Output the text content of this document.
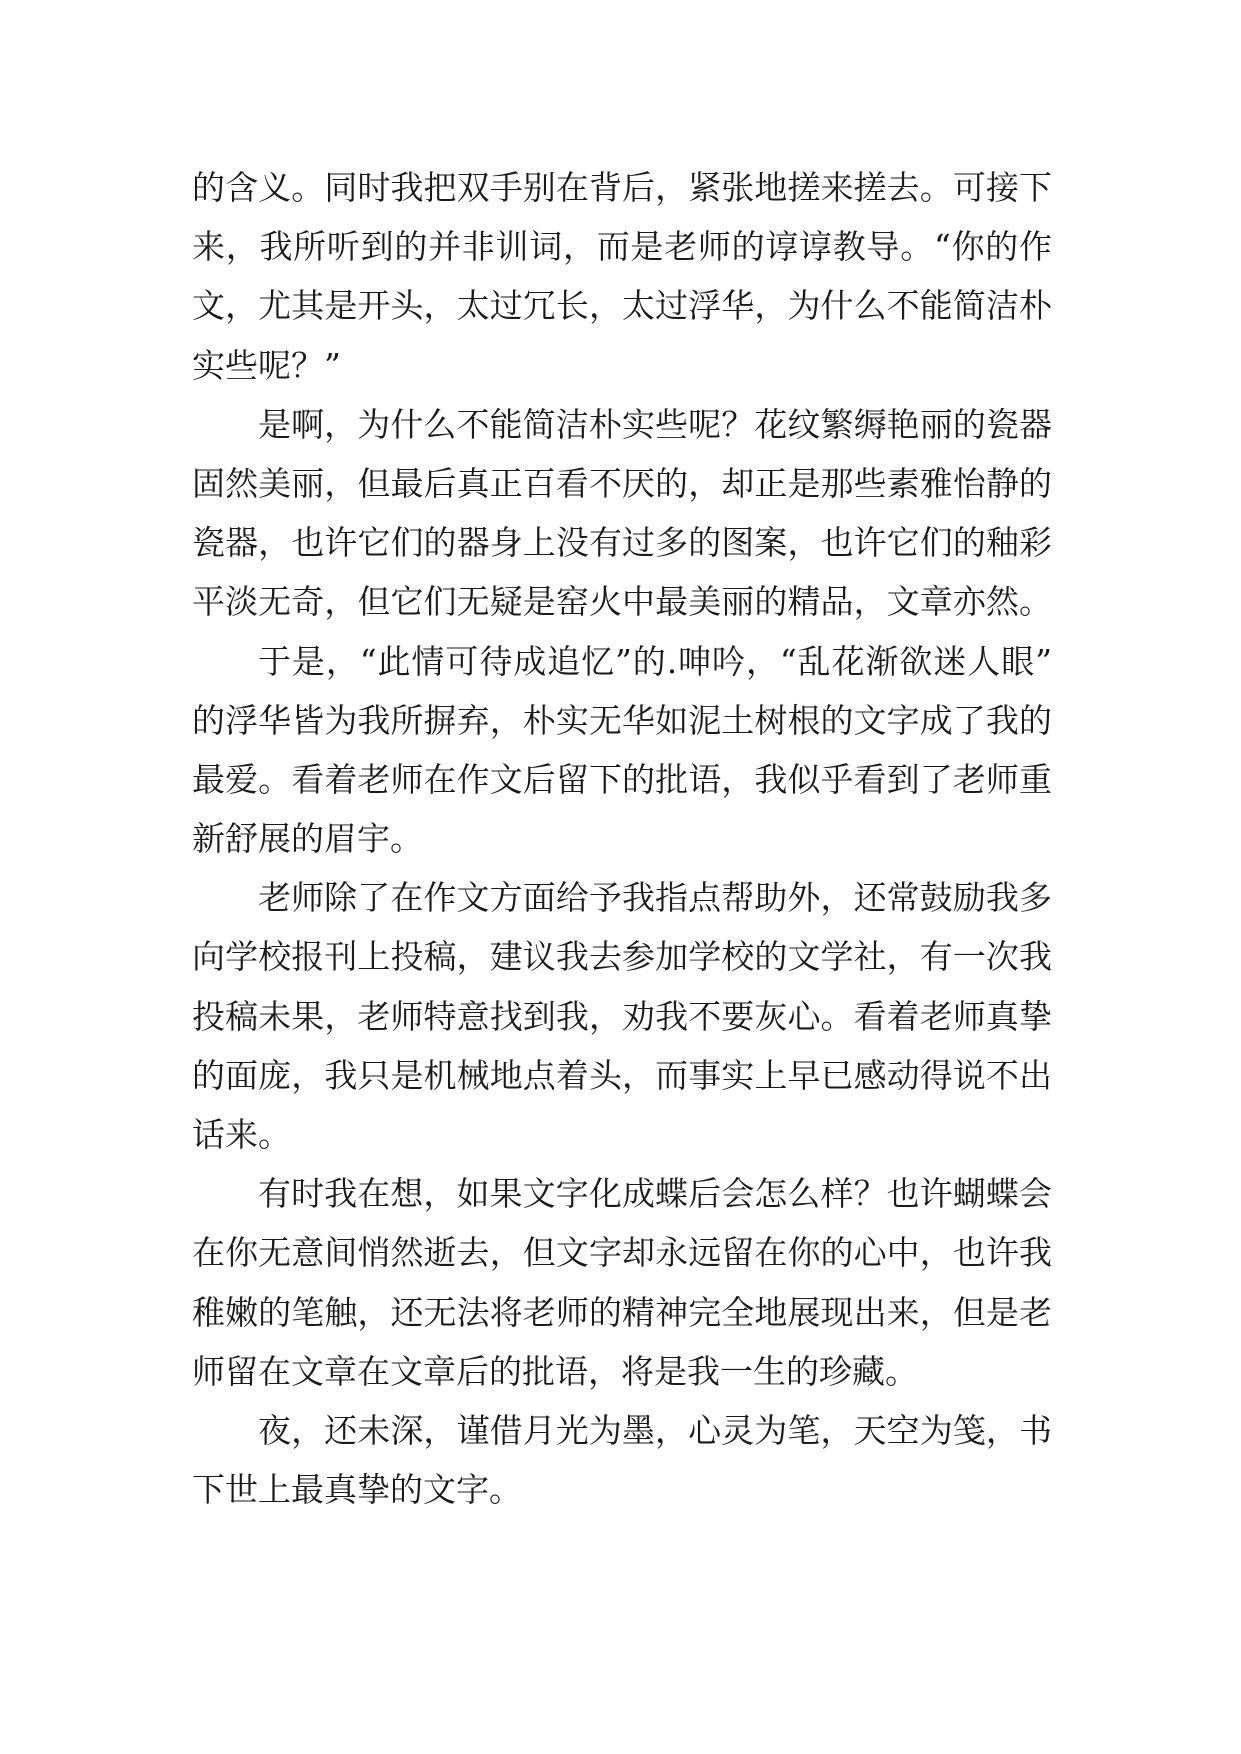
的含义。同时我把双手别在背后，紧张地搓来搓去。可接下
来，我所听到的并非训词，而是老师的谆谆教导。“你的作
文，尤其是开头，太过冗长，太过浮华，为什么不能简洁朴
实些呢？”

是啊，为什么不能简洁朴实些呢？花纹繁缛艳丽的瓷器
固然美丽，但最后真正百看不厌的，却正是那些素雅怡静的
瓷器，也许它们的器身上没有过多的图案，也许它们的釉彩
平淡无奇，但它们无疑是窑火中最美丽的精品，文章亦然。

于是，“此情可待成追忆”的.呻吟，“乱花渐欲迷人眼”
的浮华皆为我所摒弃，朴实无华如泥土树根的文字成了我的
最爱。看着老师在作文后留下的批语，我似乎看到了老师重
新舒展的眉宇。

老师除了在作文方面给予我指点帮助外，还常鼓励我多
向学校报刊上投稿，建议我去参加学校的文学社，有一次我
投稿未果，老师特意找到我，劝我不要灰心。看着老师真挚
的面庞，我只是机械地点着头，而事实上早已感动得说不出
话来。

有时我在想，如果文字化成蝶后会怎么样？也许蝴蝶会
在你无意间悄然逝去，但文字却永远留在你的心中，也许我
稚嫩的笔触，还无法将老师的精神完全地展现出来，但是老
师留在文章在文章后的批语，将是我一生的珍藏。

夜，还未深，谨借月光为墨，心灵为笔，天空为笺，书
下世上最真挚的文字。
